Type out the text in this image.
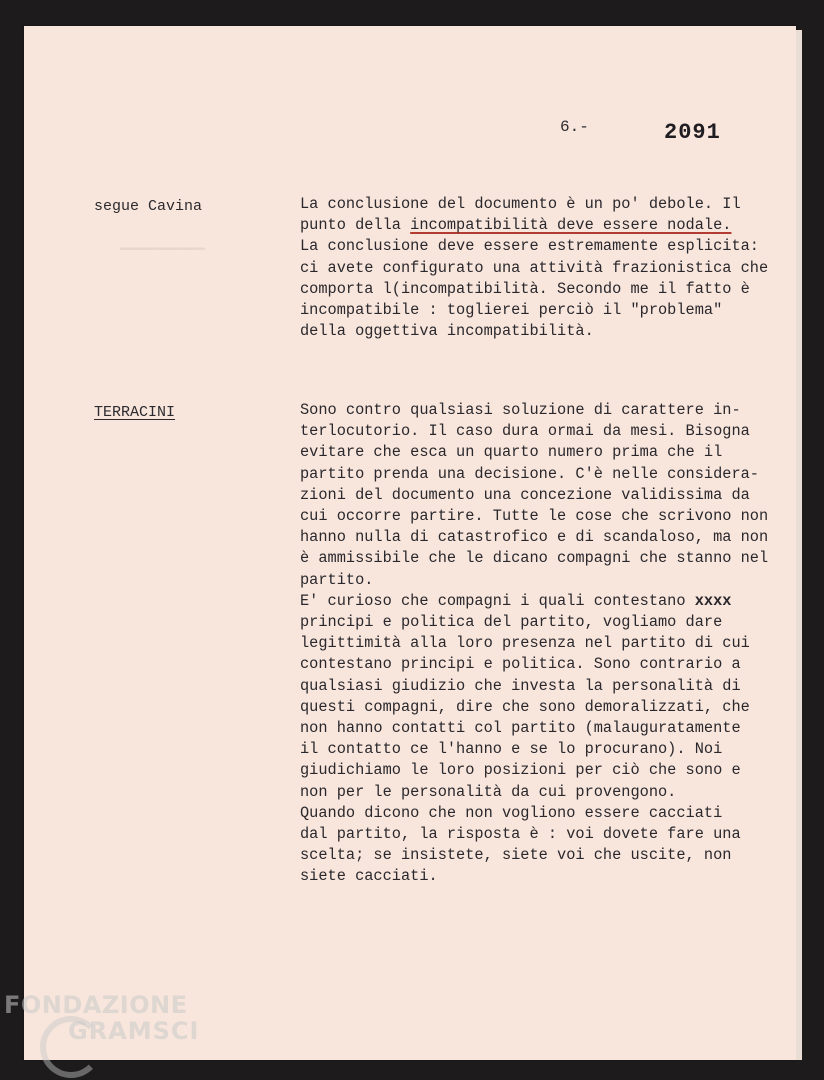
6.-	2091
segue Cavina	La conclusione del documento è un po' debole. Il
punto della incompatibilità deve essere nodale.
La conclusione deve essere estremamente esplicita:
ci avete configurato una attività frazionistica che
comporta l(incompatibilità. Secondo me il fatto è
incompatibile : toglierei perciò il "problema"
della oggettiva incompatibilità.
TERRACINI	Sono contro qualsiasi soluzione di carattere in-
terlocutorio. Il caso dura ormai da mesi. Bisogna
evitare che esca un quarto numero prima che il
partito prenda una decisione. C'è nelle considera-
zioni del documento una concezione validissima da
cui occorre partire. Tutte le cose che scrivono non
hanno nulla di catastrofico e di scandaloso, ma non
è ammissibile che le dicano compagni che stanno nel
partito.
E' curioso che compagni i quali contestano xxxx
principi e politica del partito, vogliamo dare
legittimità alla loro presenza nel partito di cui
contestano principi e politica. Sono contrario a
qualsiasi giudizio che investa la personalità di
questi compagni, dire che sono demoralizzati, che
non hanno contatti col partito (malauguratamente
il contatto ce l'hanno e se lo procurano). Noi
giudichiamo le loro posizioni per ciò che sono e
non per le personalità da cui provengono.
Quando dicono che non vogliono essere cacciati
dal partito, la risposta è : voi dovete fare una
scelta; se insistete, siete voi che uscite, non
siete cacciati.
FONDAZIONE
GRAMSCI
